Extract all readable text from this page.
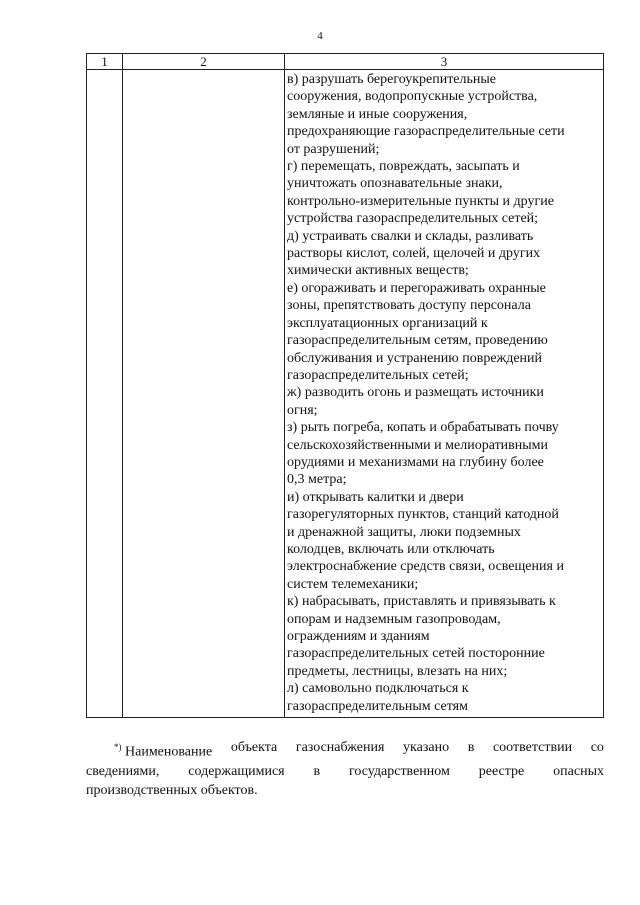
4
1	2	3
в) разрушать берегоукрепительные
сооружения, водопропускные устройства,
земляные и иные сооружения,
предохраняющие газораспределительные сети
от разрушений;
г) перемещать, повреждать, засыпать и
уничтожать опознавательные знаки,
контрольно-измерительные пункты и другие
устройства газораспределительных сетей;
д) устраивать свалки и склады, разливать
растворы кислот, солей, щелочей и других
химически активных веществ;
е) огораживать и перегораживать охранные
зоны, препятствовать доступу персонала
эксплуатационных организаций к
газораспределительным сетям, проведению
обслуживания и устранению повреждений
газораспределительных сетей;
ж) разводить огонь и размещать источники
огня;
з) рыть погреба, копать и обрабатывать почву
сельскохозяйственными и мелиоративными
орудиями и механизмами на глубину более
0,3 метра;
и) открывать калитки и двери
газорегуляторных пунктов, станций катодной
и дренажной защиты, люки подземных
колодцев, включать или отключать
электроснабжение средств связи, освещения и
систем телемеханики;
к) набрасывать, приставлять и привязывать к
опорам и надземным газопроводам,
ограждениям и зданиям
газораспределительных сетей посторонние
предметы, лестницы, влезать на них;
л) самовольно подключаться к
газораспределительным сетям
*) Наименование объекта газоснабжения указано в соответствии со
сведениями, содержащимися в государственном реестре опасных
производственных объектов.
